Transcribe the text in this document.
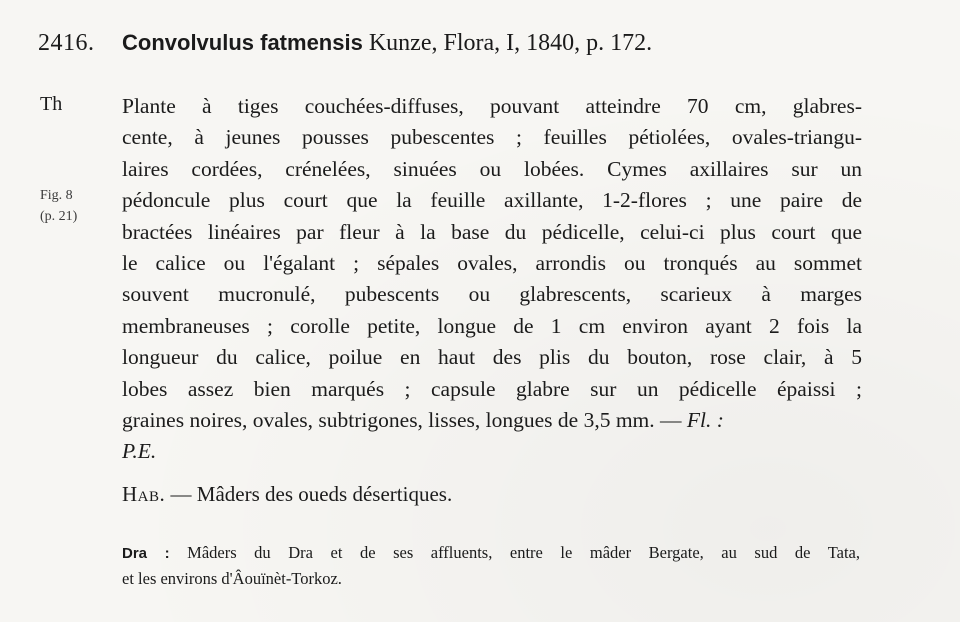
2416. Convolvulus fatmensis Kunze, Flora, I, 1840, p. 172.
Th
Fig. 8
(p. 21)
Plante à tiges couchées-diffuses, pouvant atteindre 70 cm, glabres-
cente, à jeunes pousses pubescentes ; feuilles pétiolées, ovales-triangu-
laires cordées, crénelées, sinuées ou lobées. Cymes axillaires sur un
pédoncule plus court que la feuille axillante, 1-2-flores ; une paire de
bractées linéaires par fleur à la base du pédicelle, celui-ci plus court que
le calice ou l'égalant ; sépales ovales, arrondis ou tronqués au sommet
souvent mucronulé, pubescents ou glabrescents, scarieux à marges
membraneuses ; corolle petite, longue de 1 cm environ ayant 2 fois la
longueur du calice, poilue en haut des plis du bouton, rose clair, à 5
lobes assez bien marqués ; capsule glabre sur un pédicelle épaissi ;
graines noires, ovales, subtrigones, lisses, longues de 3,5 mm. — Fl. :
P.E.
Hab. — Mâders des oueds désertiques.
Dra : Mâders du Dra et de ses affluents, entre le mâder Bergate, au sud de Tata,
et les environs d'Âouïnèt-Torkoz.
